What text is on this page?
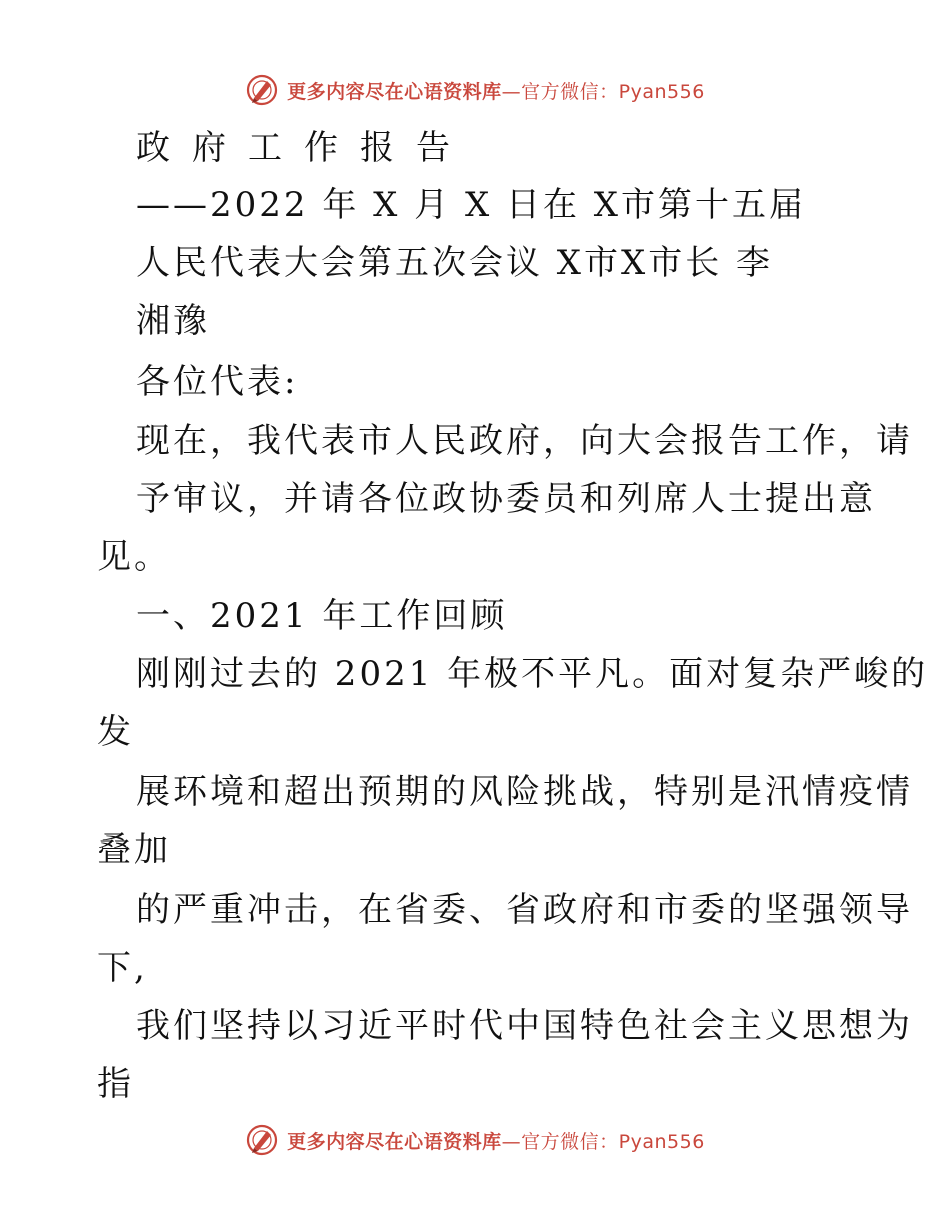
更多内容尽在心语资料库—官方微信：Pyan556
政府工作报告
——2022 年 X 月 X 日在 X市第十五届
人民代表大会第五次会议 X市X市长 李
湘豫
各位代表:
现在，我代表市人民政府，向大会报告工作，请
予审议，并请各位政协委员和列席人士提出意
见。
一、2021 年工作回顾
刚刚过去的 2021 年极不平凡。面对复杂严峻的
发
展环境和超出预期的风险挑战，特别是汛情疫情
叠加
的严重冲击，在省委、省政府和市委的坚强领导
下,
我们坚持以习近平时代中国特色社会主义思想为
指
更多内容尽在心语资料库—官方微信：Pyan556
